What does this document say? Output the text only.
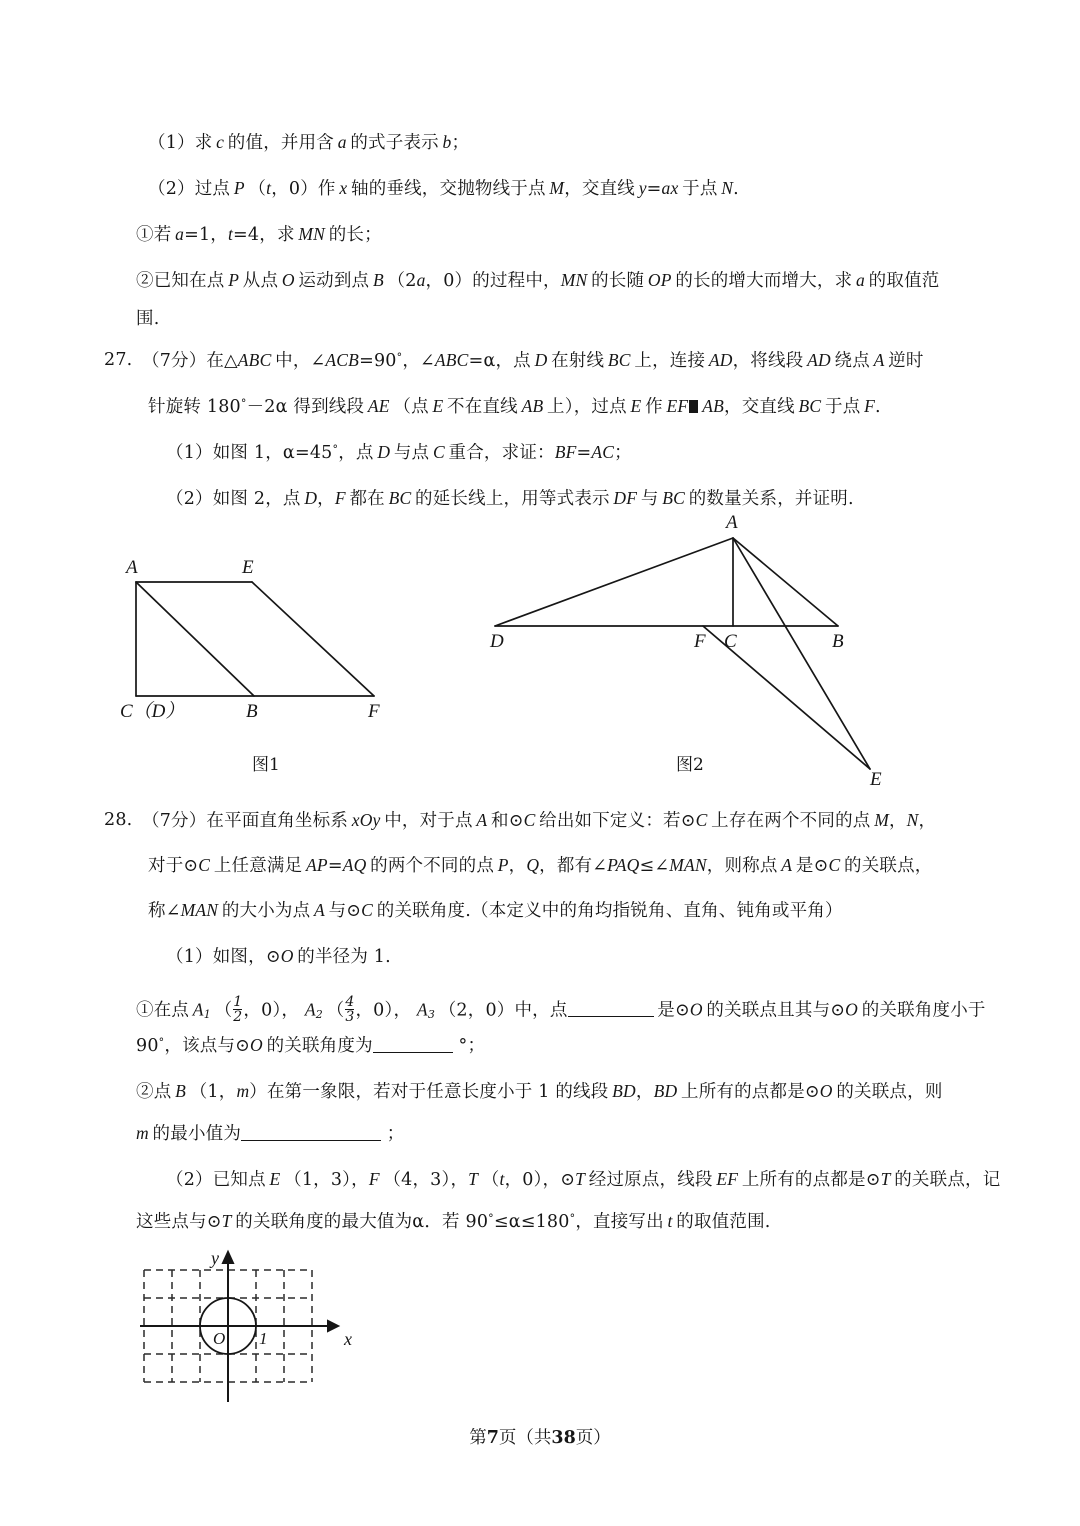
（1）求 c 的值，并用含 a 的式子表示 b；
（2）过点 P （t，0）作 x 轴的垂线，交抛物线于点 M，交直线 y=ax 于点 N.
①若 a=1，t=4，求 MN 的长；
②已知在点 P 从点 O 运动到点 B （2a，0）的过程中，MN 的长随 OP 的长的增大而增大，求 a 的取值范
围.
27. （7分）在△ABC 中，∠ACB=90°，∠ABC=α，点 D 在射线 BC 上，连接 AD，将线段 AD 绕点 A 逆时
针旋转 180°－2α 得到线段 AE （点 E 不在直线 AB 上），过点 E 作 EF AB，交直线 BC 于点 F.
（1）如图 1，α=45°，点 D 与点 C 重合，求证：BF=AC；
（2）如图 2，点 D，F 都在 BC 的延长线上，用等式表示 DF 与 BC 的数量关系，并证明.
A	E
C（D）	B	F
图1
A
D	F C	B
E
图2
28. （7分）在平面直角坐标系 xOy 中，对于点 A 和⊙C 给出如下定义：若⊙C 上存在两个不同的点 M，N，
对于⊙C 上任意满足 AP=AQ 的两个不同的点 P，Q，都有∠PAQ≤∠MAN，则称点 A 是⊙C 的关联点，
称∠MAN 的大小为点 A 与⊙C 的关联角度.（本定义中的角均指锐角、直角、钝角或平角）
（1）如图，⊙O 的半径为 1.
①在点 $A_1$ （ $\frac{1}{2}$ ，0）， $A_2$ （ $\frac{4}{3}$ ，0）， $A_3$ （2，0）中，点	 是⊙O 的关联点且其与⊙O 的关联角度小于
90°，该点与⊙O 的关联角度为	°；
②点 B （1，m）在第一象限，若对于任意长度小于 1 的线段 BD，BD 上所有的点都是⊙O 的关联点，则
m 的最小值为	；
（2）已知点 E （1，3），F （4，3），T （t，0），⊙T 经过原点，线段 EF 上所有的点都是⊙T 的关联点，记
这些点与⊙T 的关联角度的最大值为α．若 90°≤α≤180°，直接写出 t 的取值范围.
O 1	x
y
第7页（共38页）
